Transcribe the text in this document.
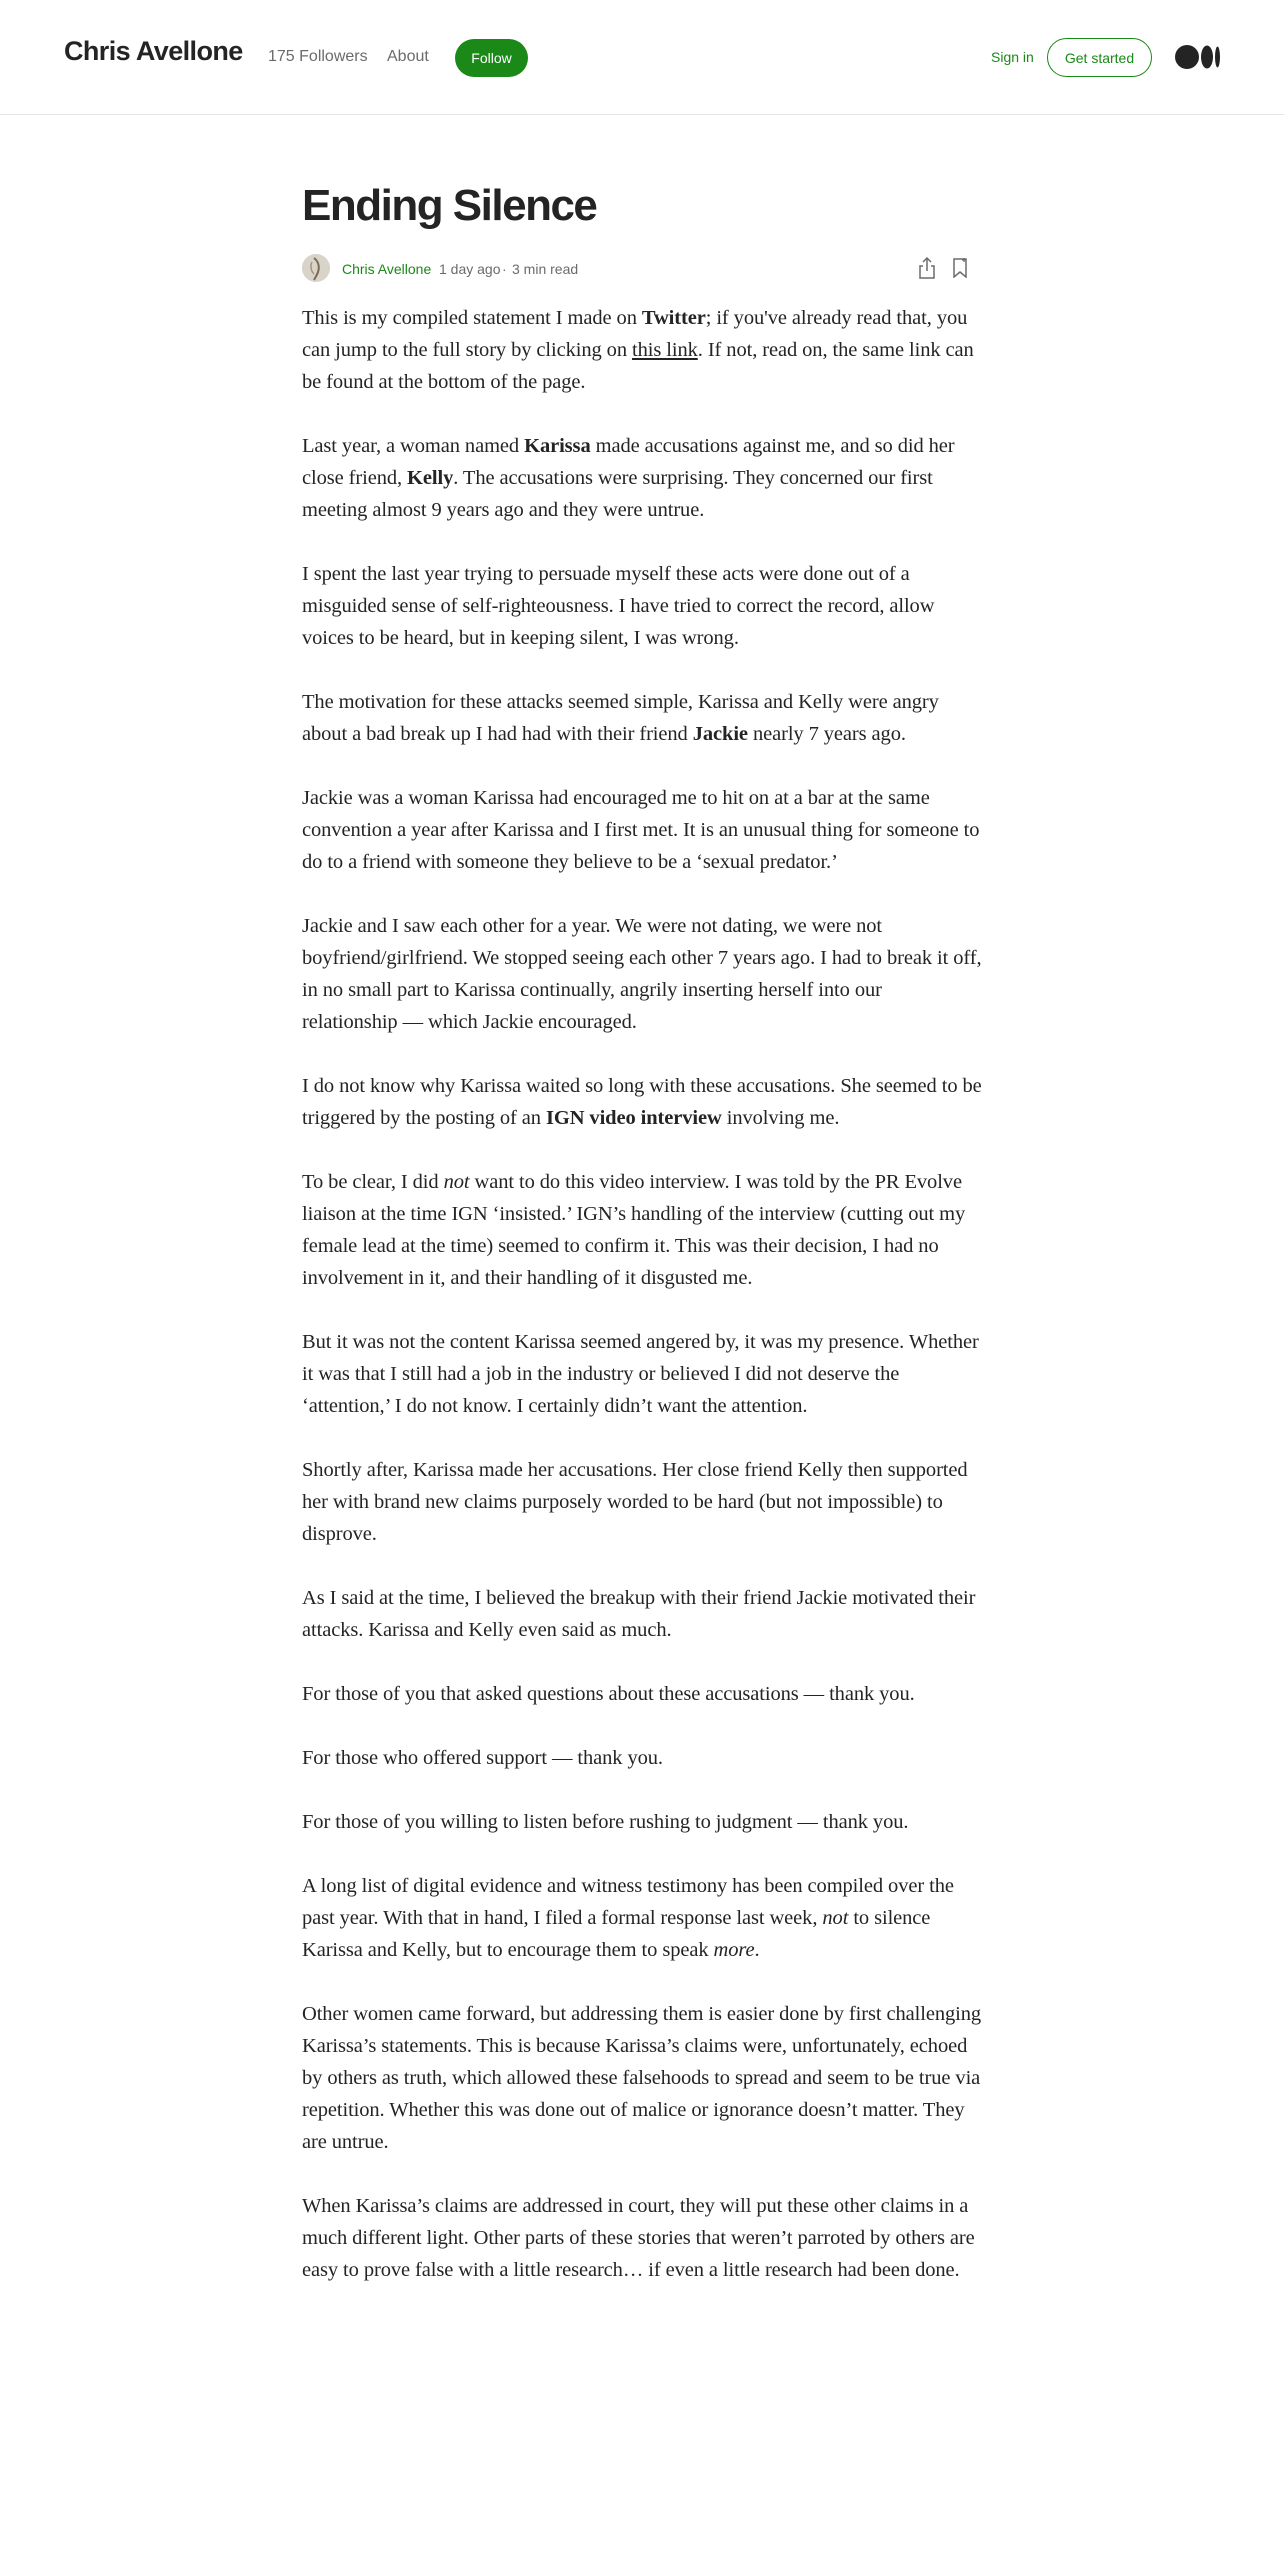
Chris Avellone 175 Followers About	Follow	Sign in	Get started
Ending Silence
Chris Avellone 1 day ago · 3 min read

This is my compiled statement I made on Twitter; if you've already read that, you can jump to the full story by clicking on this link. If not, read on, the same link can be found at the bottom of the page.

Last year, a woman named Karissa made accusations against me, and so did her close friend, Kelly. The accusations were surprising. They concerned our first meeting almost 9 years ago and they were untrue.

I spent the last year trying to persuade myself these acts were done out of a misguided sense of self-righteousness. I have tried to correct the record, allow voices to be heard, but in keeping silent, I was wrong.

The motivation for these attacks seemed simple, Karissa and Kelly were angry about a bad break up I had had with their friend Jackie nearly 7 years ago.

Jackie was a woman Karissa had encouraged me to hit on at a bar at the same convention a year after Karissa and I first met. It is an unusual thing for someone to do to a friend with someone they believe to be a ‘sexual predator.’

Jackie and I saw each other for a year. We were not dating, we were not boyfriend/girlfriend. We stopped seeing each other 7 years ago. I had to break it off, in no small part to Karissa continually, angrily inserting herself into our relationship — which Jackie encouraged.

I do not know why Karissa waited so long with these accusations. She seemed to be triggered by the posting of an IGN video interview involving me.

To be clear, I did not want to do this video interview. I was told by the PR Evolve liaison at the time IGN ‘insisted.’ IGN’s handling of the interview (cutting out my female lead at the time) seemed to confirm it. This was their decision, I had no involvement in it, and their handling of it disgusted me.

But it was not the content Karissa seemed angered by, it was my presence. Whether it was that I still had a job in the industry or believed I did not deserve the ‘attention,’ I do not know. I certainly didn’t want the attention.

Shortly after, Karissa made her accusations. Her close friend Kelly then supported her with brand new claims purposely worded to be hard (but not impossible) to disprove.

As I said at the time, I believed the breakup with their friend Jackie motivated their attacks. Karissa and Kelly even said as much.

For those of you that asked questions about these accusations — thank you.

For those who offered support — thank you.

For those of you willing to listen before rushing to judgment — thank you.

A long list of digital evidence and witness testimony has been compiled over the past year. With that in hand, I filed a formal response last week, not to silence Karissa and Kelly, but to encourage them to speak more.

Other women came forward, but addressing them is easier done by first challenging Karissa’s statements. This is because Karissa’s claims were, unfortunately, echoed by others as truth, which allowed these falsehoods to spread and seem to be true via repetition. Whether this was done out of malice or ignorance doesn’t matter. They are untrue.

When Karissa’s claims are addressed in court, they will put these other claims in a much different light. Other parts of these stories that weren’t parroted by others are easy to prove false with a little research… if even a little research had been done.
